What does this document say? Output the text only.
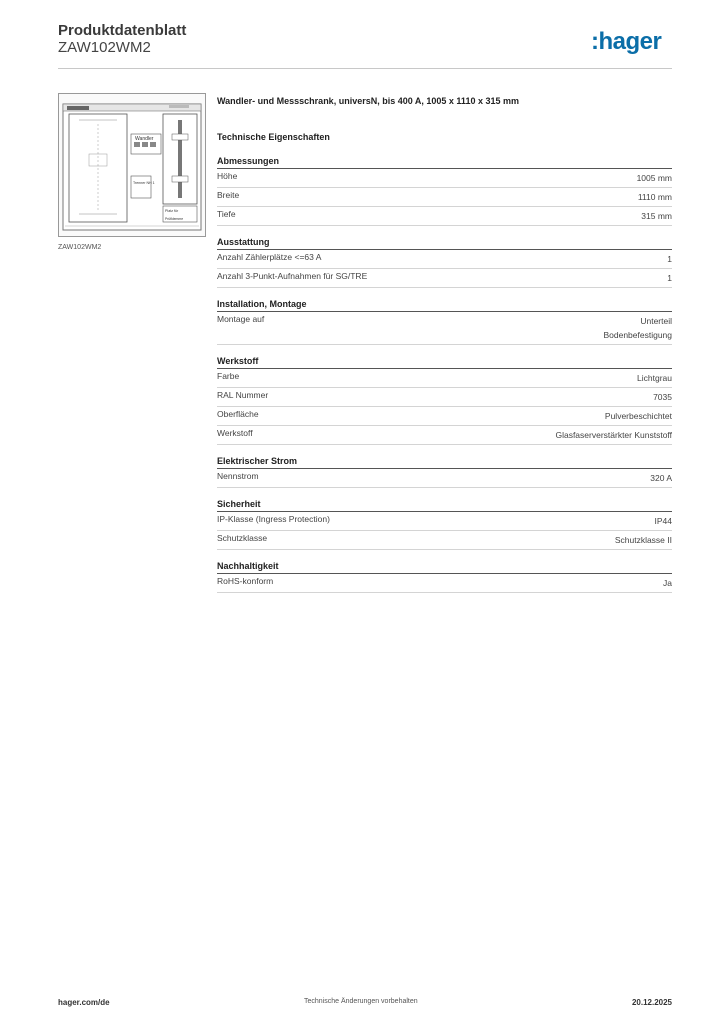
Produktdatenblatt
ZAW102WM2	:hager
Wandler
Trenner NH 1
Platz für
Prüfklemme
ZAW102WM2
Wandler- und Messschrank, universN, bis 400 A, 1005 x 1110 x 315 mm
Technische Eigenschaften
Abmessungen
Höhe	1005 mm
Breite	1110 mm
Tiefe	315 mm
Ausstattung
Anzahl Zählerplätze <=63 A	1
Anzahl 3-Punkt-Aufnahmen für SG/TRE	1
Installation, Montage
Montage auf	Unterteil
Bodenbefestigung
Werkstoff
Farbe	Lichtgrau
RAL Nummer	7035
Oberfläche	Pulverbeschichtet
Werkstoff	Glasfaserverstärkter Kunststoff
Elektrischer Strom
Nennstrom	320 A
Sicherheit
IP-Klasse (Ingress Protection)	IP44
Schutzklasse	Schutzklasse II
Nachhaltigkeit
RoHS-konform	Ja
hager.com/de	Technische Änderungen vorbehalten	20.12.2025
